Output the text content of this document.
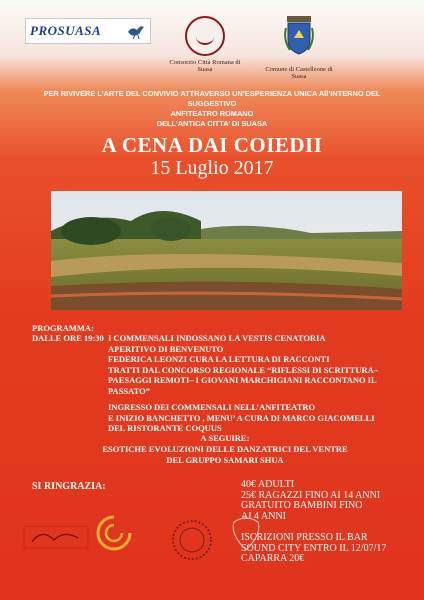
PROSUASA
Consorzio Città Romana di Suasa	Comune di Castelleone di Suasa
PER RIVIVERE L’ARTE DEL CONVIVIO ATTRAVERSO UN’ESPERIENZA UNICA All’INTERNO DEL SUGGESTIVO
ANFITEATRO ROMANO
DELL’ANTICA CITTA’ DI SUASA
A CENA DAI COIEDII
15 Luglio 2017
PROGRAMMA:
DALLE ORE 19:30 I COMMENSALI INDOSSANO LA VESTIS CENATORIA
APERITIVO DI BENVENUTO
FEDERICA LEONZI CURA LA LETTURA DI RACCONTI
TRATTI DAL CONCORSO REGIONALE “RIFLESSI DI SCRITTURA–
PAESAGGI REMOTI– I GIOVANI MARCHIGIANI RACCONTANO IL
PASSATO”
INGRESSO DEI COMMENSALI NELL’ANFITEATRO
E INIZIO BANCHETTO , MENU’ A CURA DI MARCO GIACOMELLI
DEL RISTORANTE COQUUS
A SEGUIRE:
ESOTICHE EVOLUZIONI DELLE DANZATRICI DEL VENTRE
DEL GRUPPO SAMARI SHUA
SI RINGRAZIA:	40€ ADULTI
25€ RAGAZZI FINO AI 14 ANNI
GRATUITO BAMBINI FINO
AI 4 ANNI
ISCRIZIONI PRESSO IL BAR
SOUND CITY ENTRO IL 12/07/17
CAPARRA 20€
